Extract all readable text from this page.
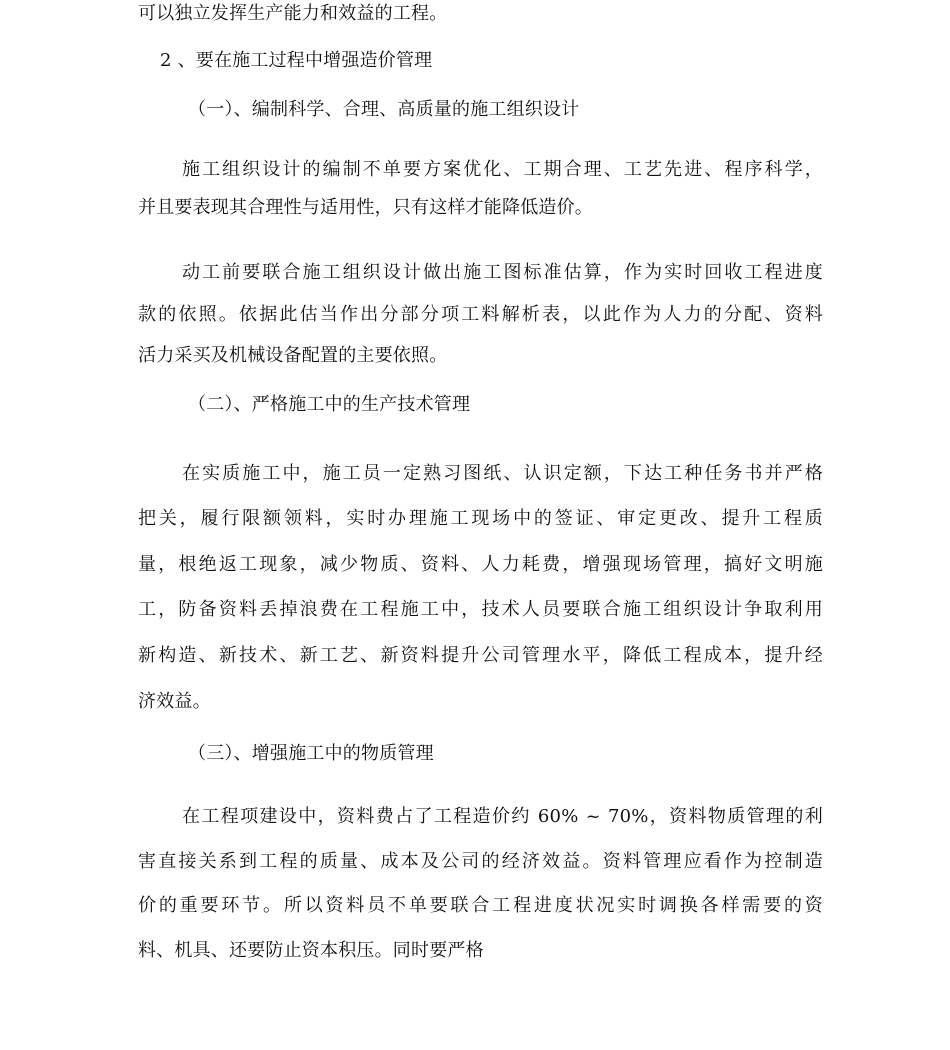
可以独立发挥生产能力和效益的工程。
2 、要在施工过程中增强造价管理
（一）、编制科学、合理、高质量的施工组织设计
施工组织设计的编制不单要方案优化、工期合理、工艺先进、程序科学，
并且要表现其合理性与适用性，只有这样才能降低造价。
动工前要联合施工组织设计做出施工图标准估算，作为实时回收工程进度
款的依照。依据此估当作出分部分项工料解析表，以此作为人力的分配、资料
活力采买及机械设备配置的主要依照。
（二）、严格施工中的生产技术管理
在实质施工中，施工员一定熟习图纸、认识定额，下达工种任务书并严格
把关，履行限额领料，实时办理施工现场中的签证、审定更改、提升工程质
量，根绝返工现象，减少物质、资料、人力耗费，增强现场管理，搞好文明施
工，防备资料丢掉浪费在工程施工中，技术人员要联合施工组织设计争取利用
新构造、新技术、新工艺、新资料提升公司管理水平，降低工程成本，提升经
济效益。
（三）、增强施工中的物质管理
在工程项建设中，资料费占了工程造价约 60% ~ 70%，资料物质管理的利
害直接关系到工程的质量、成本及公司的经济效益。资料管理应看作为控制造
价的重要环节。所以资料员不单要联合工程进度状况实时调换各样需要的资
料、机具、还要防止资本积压。同时要严格
